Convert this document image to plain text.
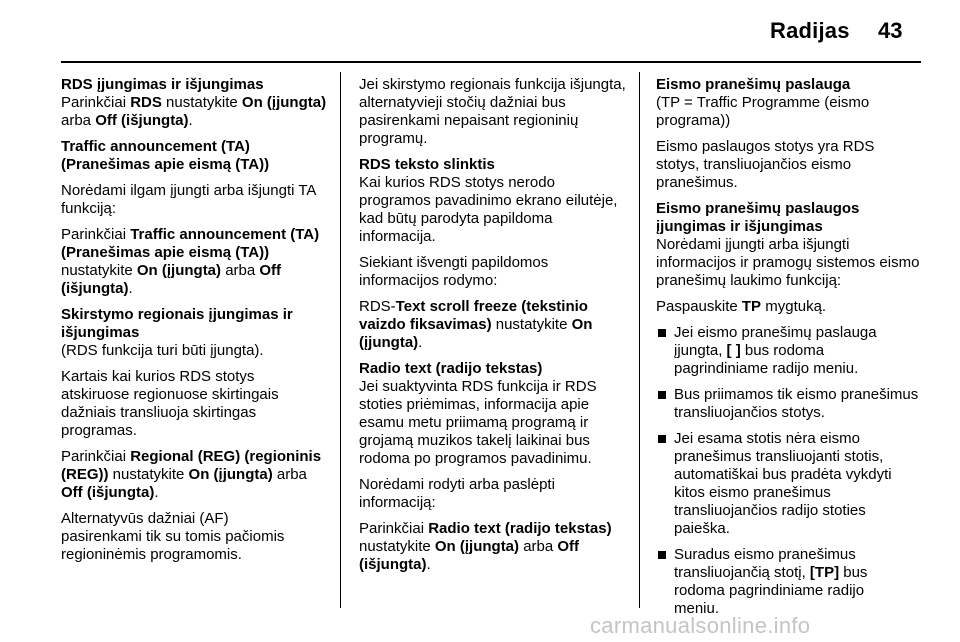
Radijas 43

RDS įjungimas ir išjungimas

Parinkčiai RDS nustatykite On (įjungta) arba Off (išjungta).

Traffic announcement (TA)
(Pranešimas apie eismą (TA))

Norėdami ilgam įjungti arba išjungti TA funkciją:

Parinkčiai Traffic announcement (TA) (Pranešimas apie eismą (TA)) nustatykite On (įjungta) arba Off (išjungta).

Skirstymo regionais įjungimas ir išjungimas

(RDS funkcija turi būti įjungta).

Kartais kai kurios RDS stotys atskiruose regionuose skirtingais dažniais transliuoja skirtingas programas.

Parinkčiai Regional (REG) (regioninis (REG)) nustatykite On (įjungta) arba Off (išjungta).

Alternatyvūs dažniai (AF) pasirenkami tik su tomis pačiomis regioninėmis programomis.

Jei skirstymo regionais funkcija išjungta, alternatyvieji stočių dažniai bus pasirenkami nepaisant regioninių programų.

RDS teksto slinktis

Kai kurios RDS stotys nerodo programos pavadinimo ekrano eilutėje, kad būtų parodyta papildoma informacija.

Siekiant išvengti papildomos informacijos rodymo:

RDS-Text scroll freeze (tekstinio vaizdo fiksavimas) nustatykite On (įjungta).

Radio text (radijo tekstas)

Jei suaktyvinta RDS funkcija ir RDS stoties priėmimas, informacija apie esamu metu priimamą programą ir grojamą muzikos takelį laikinai bus rodoma po programos pavadinimu.

Norėdami rodyti arba paslėpti informaciją:

Parinkčiai Radio text (radijo tekstas) nustatykite On (įjungta) arba Off (išjungta).

Eismo pranešimų paslauga

(TP = Traffic Programme (eismo programa))

Eismo paslaugos stotys yra RDS stotys, transliuojančios eismo pranešimus.

Eismo pranešimų paslaugos įjungimas ir išjungimas

Norėdami įjungti arba išjungti informacijos ir pramogų sistemos eismo pranešimų laukimo funkciją:

Paspauskite TP mygtuką.

Jei eismo pranešimų paslauga įjungta, [ ] bus rodoma pagrindiniame radijo meniu.
Bus priimamos tik eismo pranešimus transliuojančios stotys.
Jei esama stotis nėra eismo pranešimus transliuojanti stotis, automatiškai bus pradėta vykdyti kitos eismo pranešimus transliuojančios radijo stoties paieška.
Suradus eismo pranešimus transliuojančią stotį, [TP] bus rodoma pagrindiniame radijo meniu.
carmanualsonline.info
